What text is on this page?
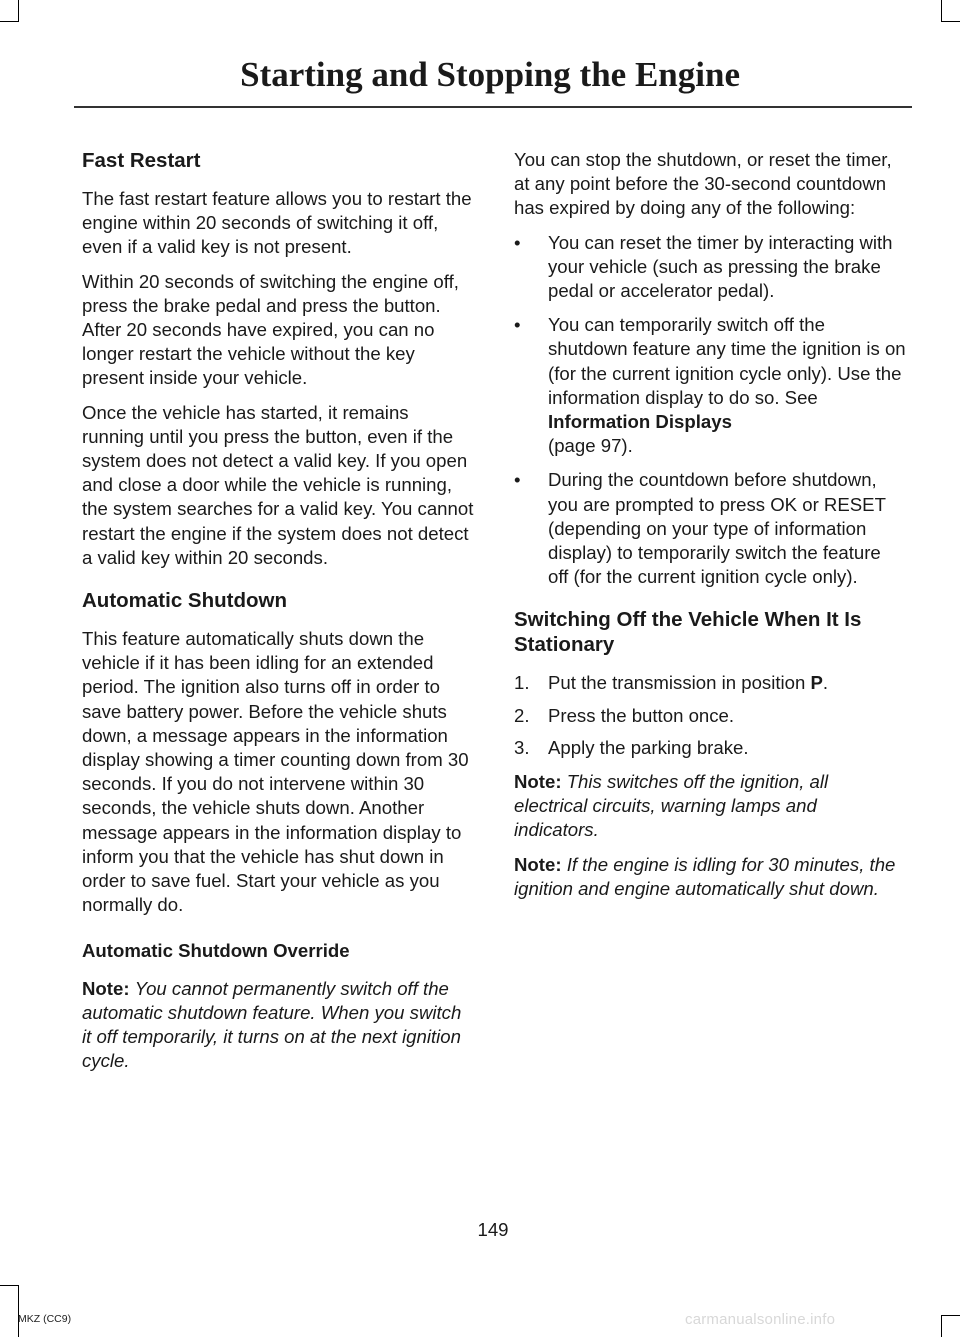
Starting and Stopping the Engine
Fast Restart

The fast restart feature allows you to restart the engine within 20 seconds of switching it off, even if a valid key is not present.

Within 20 seconds of switching the engine off, press the brake pedal and press the button. After 20 seconds have expired, you can no longer restart the vehicle without the key present inside your vehicle.

Once the vehicle has started, it remains running until you press the button, even if the system does not detect a valid key. If you open and close a door while the vehicle is running, the system searches for a valid key. You cannot restart the engine if the system does not detect a valid key within 20 seconds.

Automatic Shutdown

This feature automatically shuts down the vehicle if it has been idling for an extended period. The ignition also turns off in order to save battery power. Before the vehicle shuts down, a message appears in the information display showing a timer counting down from 30 seconds. If you do not intervene within 30 seconds, the vehicle shuts down. Another message appears in the information display to inform you that the vehicle has shut down in order to save fuel. Start your vehicle as you normally do.

Automatic Shutdown Override

Note: You cannot permanently switch off the automatic shutdown feature. When you switch it off temporarily, it turns on at the next ignition cycle.

You can stop the shutdown, or reset the timer, at any point before the 30-second countdown has expired by doing any of the following:

• You can reset the timer by interacting with your vehicle (such as pressing the brake pedal or accelerator pedal).
• You can temporarily switch off the shutdown feature any time the ignition is on (for the current ignition cycle only). Use the information display to do so. See Information Displays
(page 97).
• During the countdown before shutdown, you are prompted to press OK or RESET (depending on your type of information display) to temporarily switch the feature off (for the current ignition cycle only).
Switching Off the Vehicle When It Is Stationary
1. Put the transmission in position P.
2. Press the button once.
3. Apply the parking brake.

Note: This switches off the ignition, all electrical circuits, warning lamps and indicators.

Note: If the engine is idling for 30 minutes, the ignition and engine automatically shut down.

149
MKZ (CC9)	carmanualsonline.info
